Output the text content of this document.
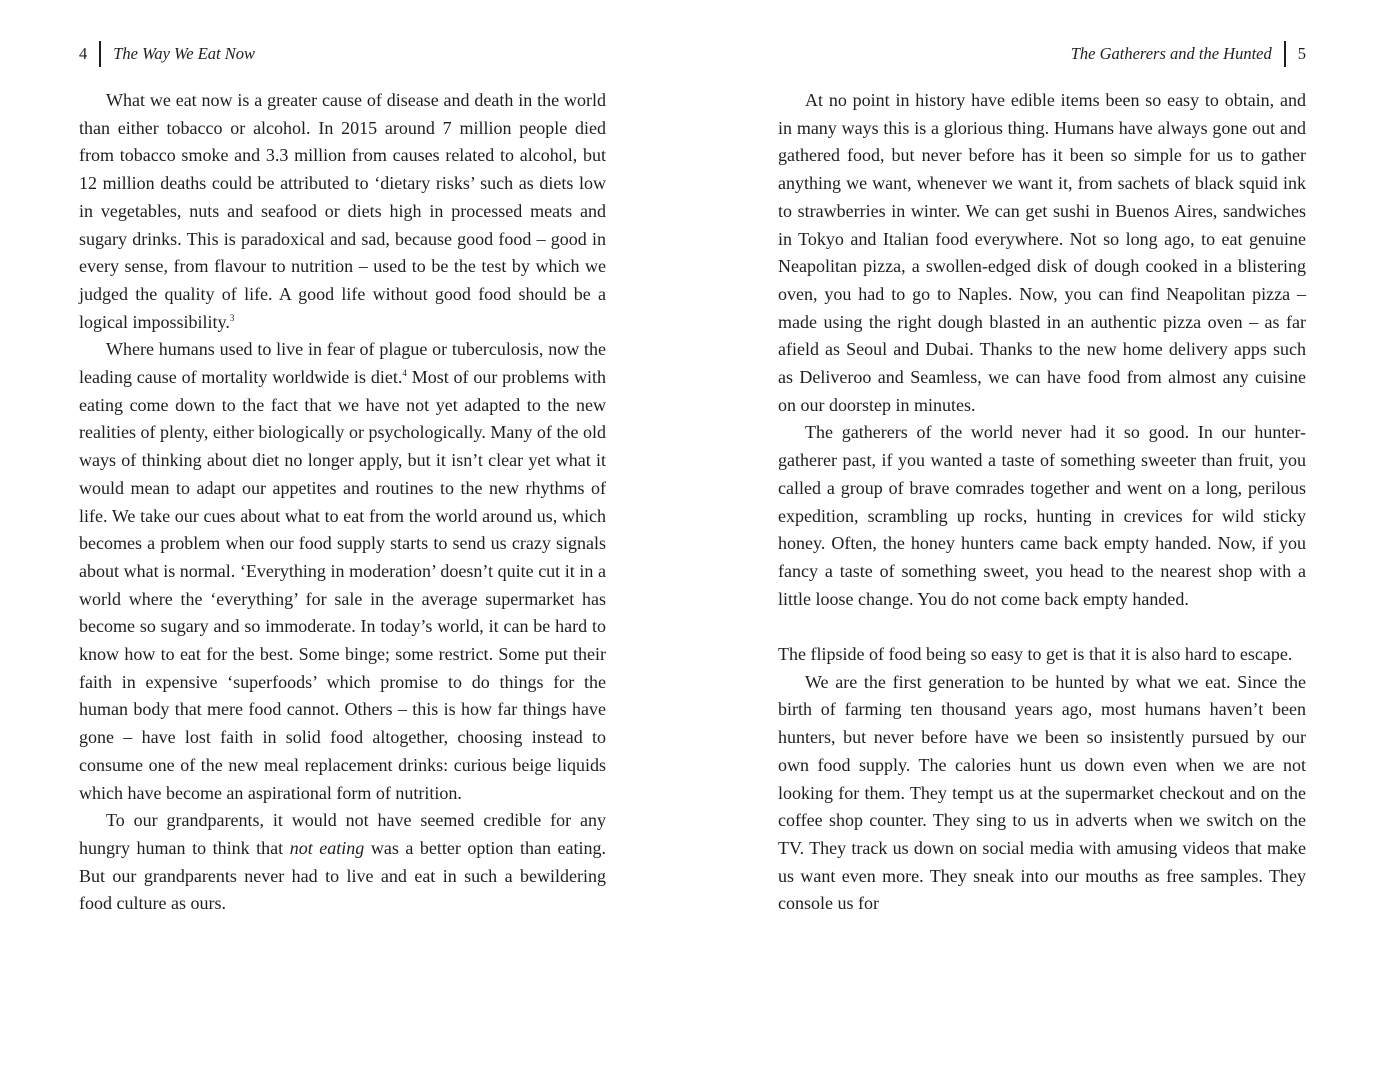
4 The Way We Eat Now

What we eat now is a greater cause of disease and death in the world than either tobacco or alcohol. In 2015 around 7 million people died from tobacco smoke and 3.3 million from causes related to alcohol, but 12 million deaths could be attributed to ‘dietary risks’ such as diets low in vegetables, nuts and seafood or diets high in processed meats and sugary drinks. This is paradoxical and sad, because good food – good in every sense, from flavour to nutrition – used to be the test by which we judged the quality of life. A good life without good food should be a logical impossibility.$^3$

Where humans used to live in fear of plague or tuberculosis, now the leading cause of mortality worldwide is diet.$^4$ Most of our problems with eating come down to the fact that we have not yet adapted to the new realities of plenty, either biologically or psychologically. Many of the old ways of thinking about diet no longer apply, but it isn’t clear yet what it would mean to adapt our appetites and routines to the new rhythms of life. We take our cues about what to eat from the world around us, which becomes a problem when our food supply starts to send us crazy signals about what is normal. ‘Everything in moderation’ doesn’t quite cut it in a world where the ‘everything’ for sale in the average supermarket has become so sugary and so immoderate. In today’s world, it can be hard to know how to eat for the best. Some binge; some restrict. Some put their faith in expensive ‘superfoods’ which promise to do things for the human body that mere food cannot. Others – this is how far things have gone – have lost faith in solid food altogether, choosing instead to consume one of the new meal replacement drinks: curious beige liquids which have become an aspirational form of nutrition.

To our grandparents, it would not have seemed credible for any hungry human to think that not eating was a better option than eating. But our grandparents never had to live and eat in such a bewildering food culture as ours.

The Gatherers and the Hunted 5

At no point in history have edible items been so easy to obtain, and in many ways this is a glorious thing. Humans have always gone out and gathered food, but never before has it been so simple for us to gather anything we want, whenever we want it, from sachets of black squid ink to strawberries in winter. We can get sushi in Buenos Aires, sandwiches in Tokyo and Italian food everywhere. Not so long ago, to eat genuine Neapolitan pizza, a swollen-edged disk of dough cooked in a blistering oven, you had to go to Naples. Now, you can find Neapolitan pizza – made using the right dough blasted in an authentic pizza oven – as far afield as Seoul and Dubai. Thanks to the new home delivery apps such as Deliveroo and Seamless, we can have food from almost any cuisine on our doorstep in minutes.

The gatherers of the world never had it so good. In our hunter-gatherer past, if you wanted a taste of something sweeter than fruit, you called a group of brave comrades together and went on a long, perilous expedition, scrambling up rocks, hunting in crevices for wild sticky honey. Often, the honey hunters came back empty handed. Now, if you fancy a taste of something sweet, you head to the nearest shop with a little loose change. You do not come back empty handed.

The flipside of food being so easy to get is that it is also hard to escape.

We are the first generation to be hunted by what we eat. Since the birth of farming ten thousand years ago, most humans haven’t been hunters, but never before have we been so insistently pursued by our own food supply. The calories hunt us down even when we are not looking for them. They tempt us at the supermarket checkout and on the coffee shop counter. They sing to us in adverts when we switch on the TV. They track us down on social media with amusing videos that make us want even more. They sneak into our mouths as free samples. They console us for
